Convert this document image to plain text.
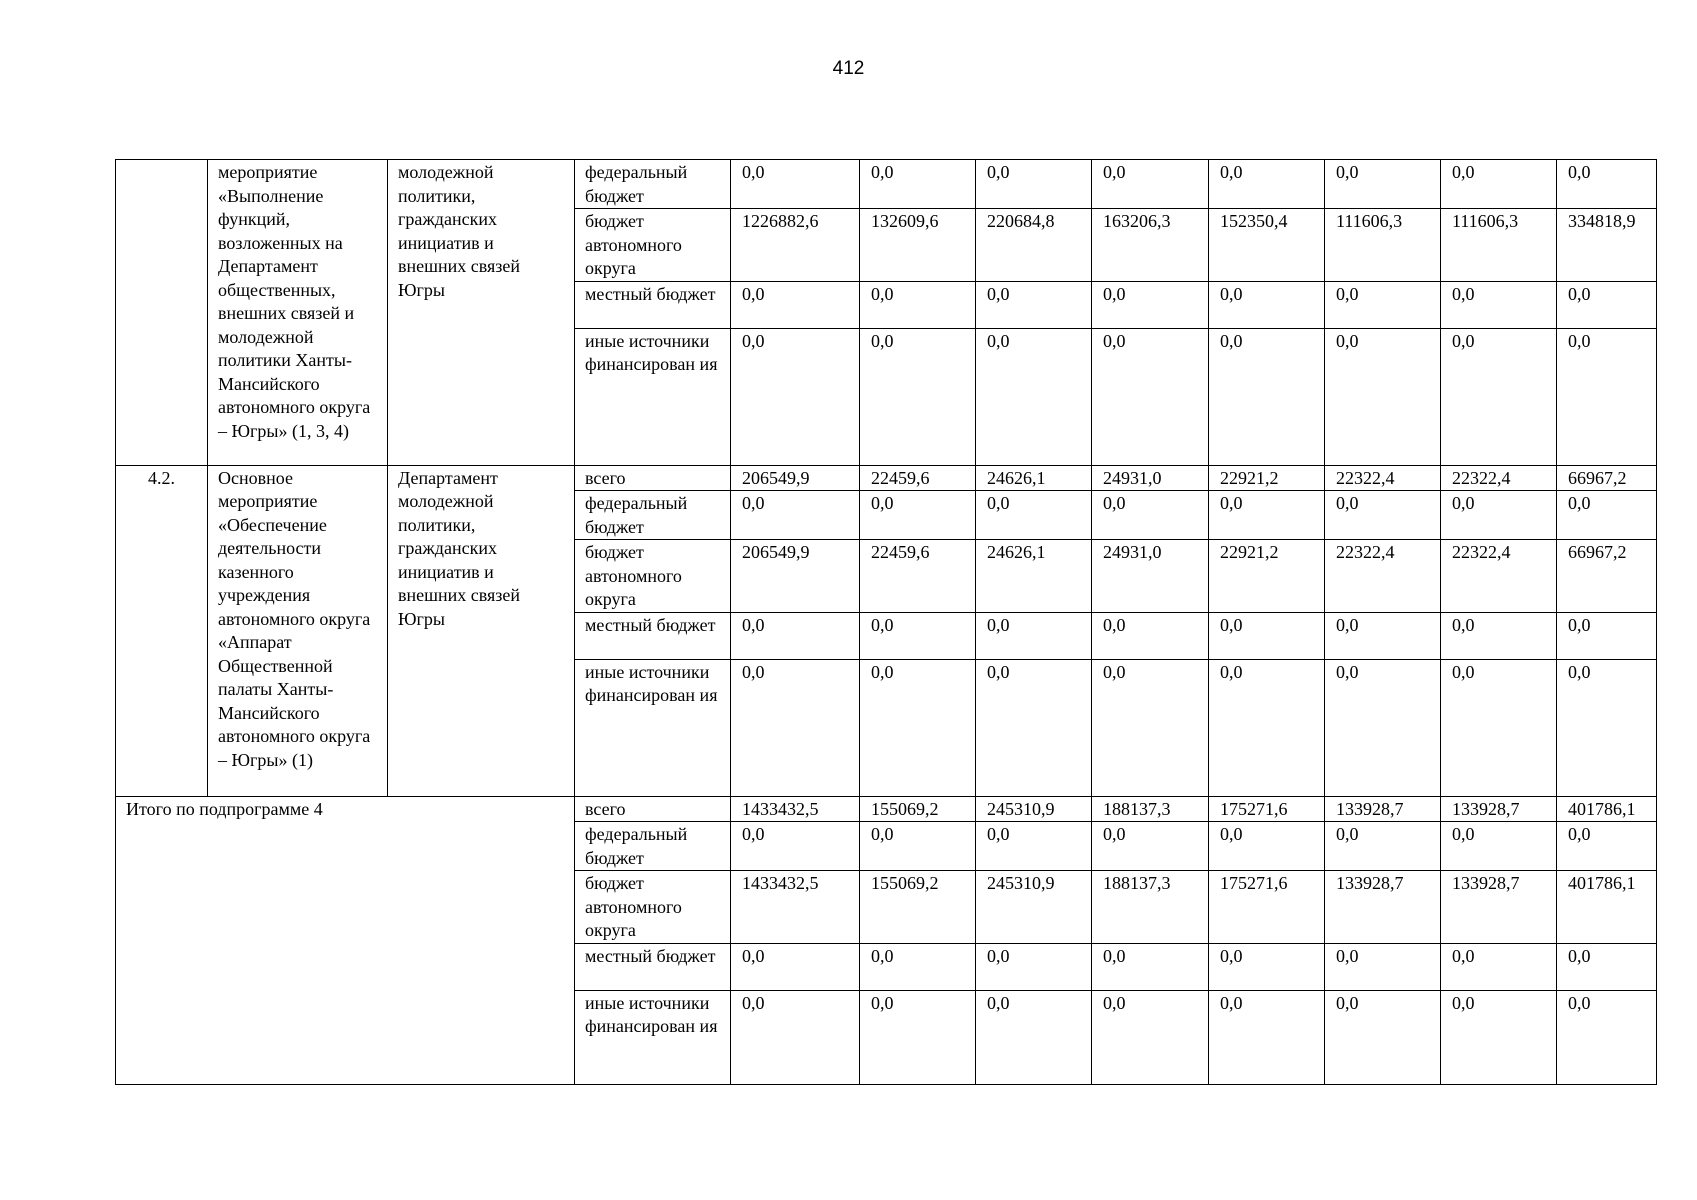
412
	мероприятие «Выполнение функций, возложенных на Департамент общественных, внешних связей и молодежной политики Ханты-Мансийского автономного округа – Югры» (1, 3, 4)	молодежной политики, гражданских инициатив и внешних связей Югры	федеральный бюджет	0,0	0,0	0,0	0,0	0,0	0,0	0,0	0,0
			бюджет автономного округа	1226882,6	132609,6	220684,8	163206,3	152350,4	111606,3	111606,3	334818,9
			местный бюджет	0,0	0,0	0,0	0,0	0,0	0,0	0,0	0,0
			иные источники финансирован ия	0,0	0,0	0,0	0,0	0,0	0,0	0,0	0,0
4.2.	Основное мероприятие «Обеспечение деятельности казенного учреждения автономного округа «Аппарат Общественной палаты Ханты-Мансийского автономного округа – Югры» (1)	Департамент молодежной политики, гражданских инициатив и внешних связей Югры	всего	206549,9	22459,6	24626,1	24931,0	22921,2	22322,4	22322,4	66967,2
			федеральный бюджет	0,0	0,0	0,0	0,0	0,0	0,0	0,0	0,0
			бюджет автономного округа	206549,9	22459,6	24626,1	24931,0	22921,2	22322,4	22322,4	66967,2
			местный бюджет	0,0	0,0	0,0	0,0	0,0	0,0	0,0	0,0
			иные источники финансирован ия	0,0	0,0	0,0	0,0	0,0	0,0	0,0	0,0
Итого по подпрограмме 4			всего	1433432,5	155069,2	245310,9	188137,3	175271,6	133928,7	133928,7	401786,1
			федеральный бюджет	0,0	0,0	0,0	0,0	0,0	0,0	0,0	0,0
			бюджет автономного округа	1433432,5	155069,2	245310,9	188137,3	175271,6	133928,7	133928,7	401786,1
			местный бюджет	0,0	0,0	0,0	0,0	0,0	0,0	0,0	0,0
			иные источники финансирован ия	0,0	0,0	0,0	0,0	0,0	0,0	0,0	0,0
